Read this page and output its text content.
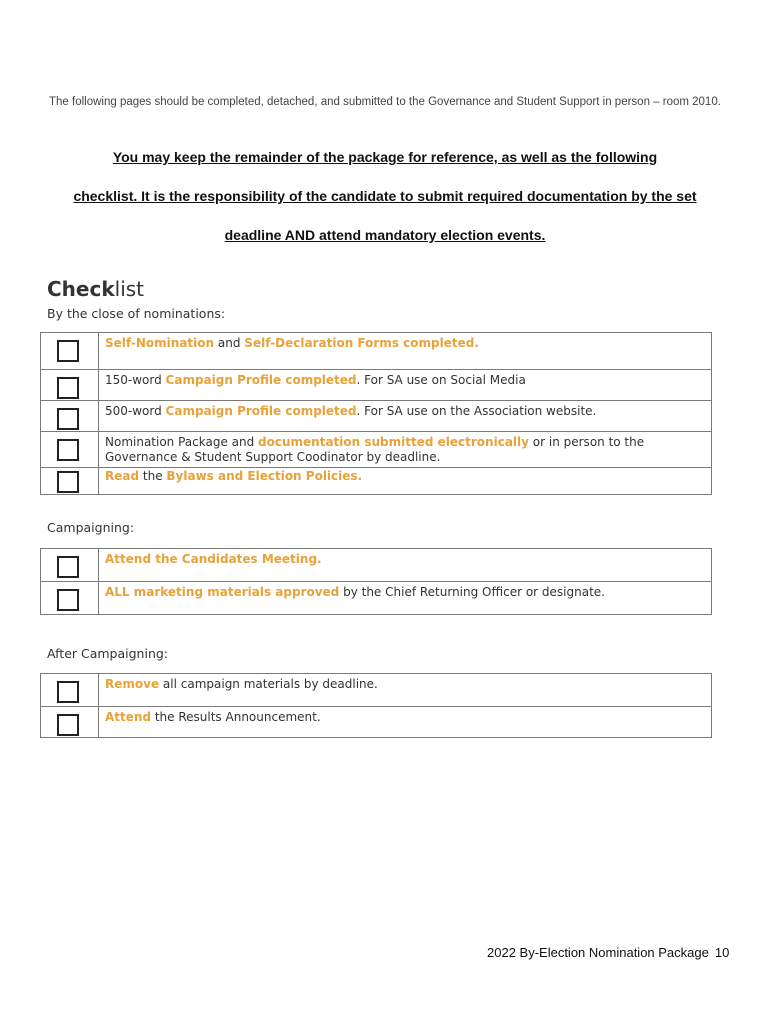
The following pages should be completed, detached, and submitted to the Governance and Student Support in person – room 2010.
You may keep the remainder of the package for reference, as well as the following
checklist. It is the responsibility of the candidate to submit required documentation by the set
deadline AND attend mandatory election events.
Checklist
By the close of nominations:
	Self-Nomination and Self-Declaration Forms completed.

	150-word Campaign Profile completed. For SA use on Social Media

	500-word Campaign Profile completed. For SA use on the Association website.

	Nomination Package and documentation submitted electronically or in person to the Governance & Student Support Coodinator by deadline.

	Read the Bylaws and Election Policies.
Campaigning:
	Attend the Candidates Meeting.

	ALL marketing materials approved by the Chief Returning Officer or designate.
After Campaigning:
	Remove all campaign materials by deadline.

	Attend the Results Announcement.
2022 By-Election Nomination Package 10
